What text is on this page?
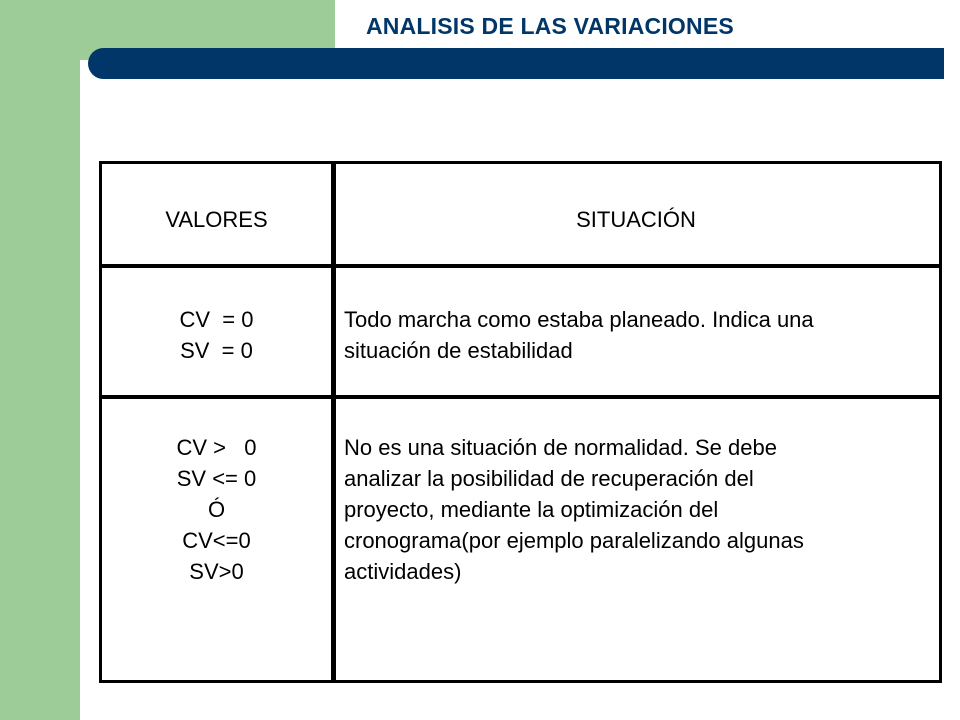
ANALISIS DE LAS VARIACIONES
VALORES	SITUACIÓN
CV  = 0
SV  = 0
Todo marcha como estaba planeado. Indica una
situación de estabilidad
CV >   0
SV <= 0
Ó
CV<=0
SV>0
No es una situación de normalidad. Se debe
analizar la posibilidad de recuperación del
proyecto, mediante la optimización del
cronograma(por ejemplo paralelizando algunas
actividades)
